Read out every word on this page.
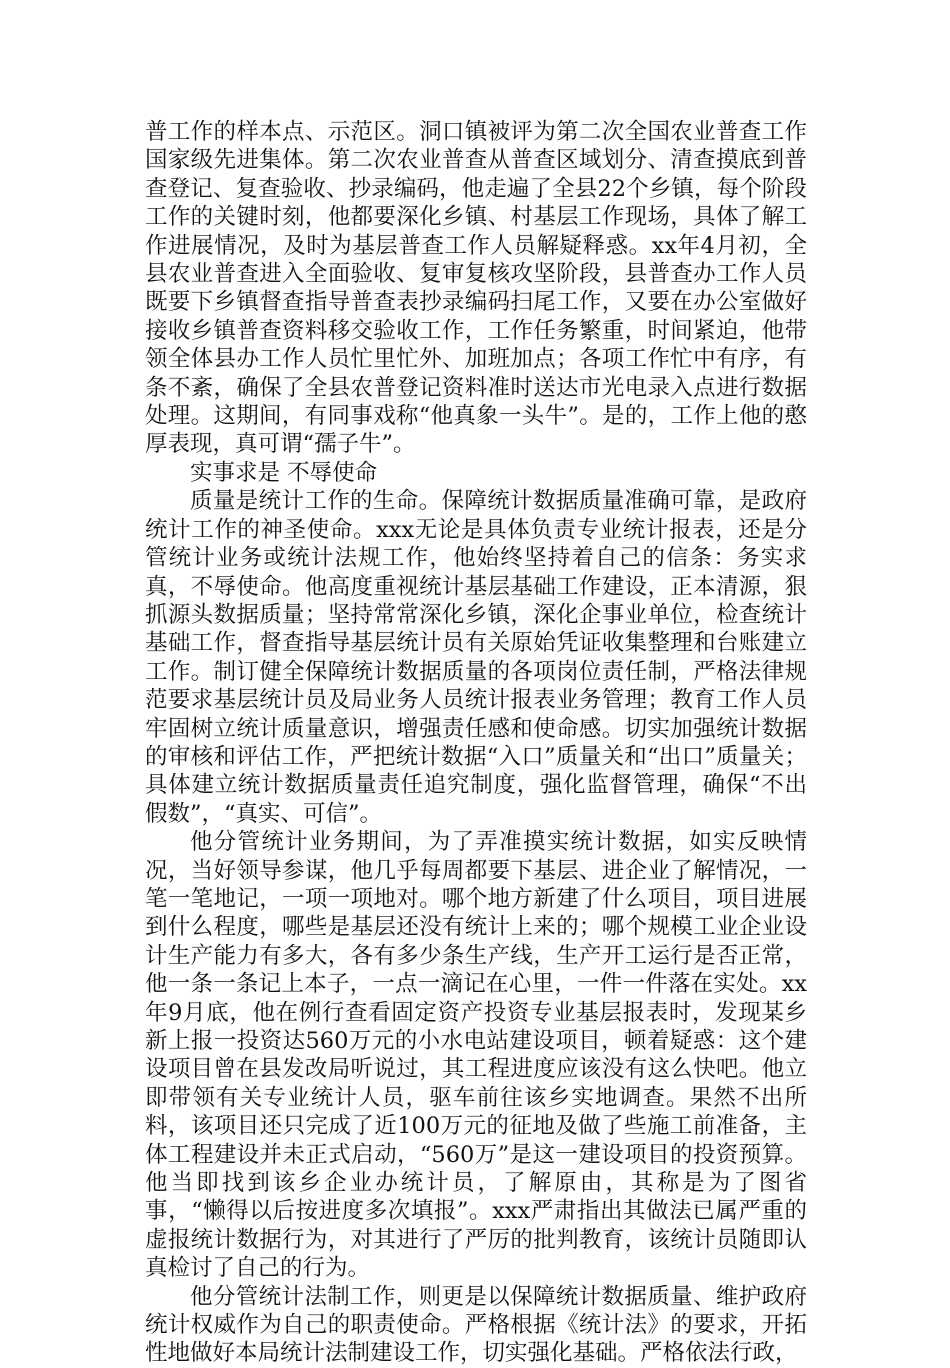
普工作的样本点、示范区。洞口镇被评为第二次全国农业普查工作国家级先进集体。第二次农业普查从普查区域划分、清查摸底到普查登记、复查验收、抄录编码，他走遍了全县22个乡镇，每个阶段工作的关键时刻，他都要深化乡镇、村基层工作现场，具体了解工作进展情况，及时为基层普查工作人员解疑释惑。xx年4月初，全县农业普查进入全面验收、复审复核攻坚阶段，县普查办工作人员既要下乡镇督查指导普查表抄录编码扫尾工作，又要在办公室做好接收乡镇普查资料移交验收工作，工作任务繁重，时间紧迫，他带领全体县办工作人员忙里忙外、加班加点；各项工作忙中有序，有条不紊，确保了全县农普登记资料准时送达市光电录入点进行数据处理。这期间，有同事戏称“他真象一头牛”。是的，工作上他的憨厚表现，真可谓“孺子牛”。

实事求是 不辱使命

质量是统计工作的生命。保障统计数据质量准确可靠，是政府统计工作的神圣使命。xxx无论是具体负责专业统计报表，还是分管统计业务或统计法规工作，他始终坚持着自己的信条：务实求真，不辱使命。他高度重视统计基层基础工作建设，正本清源，狠抓源头数据质量；坚持常常深化乡镇，深化企事业单位，检查统计基础工作，督查指导基层统计员有关原始凭证收集整理和台账建立工作。制订健全保障统计数据质量的各项岗位责任制，严格法律规范要求基层统计员及局业务人员统计报表业务管理；教育工作人员牢固树立统计质量意识，增强责任感和使命感。切实加强统计数据的审核和评估工作，严把统计数据“入口”质量关和“出口”质量关；具体建立统计数据质量责任追究制度，强化监督管理，确保“不出假数”，“真实、可信”。

他分管统计业务期间，为了弄准摸实统计数据，如实反映情况，当好领导参谋，他几乎每周都要下基层、进企业了解情况，一笔一笔地记，一项一项地对。哪个地方新建了什么项目，项目进展到什么程度，哪些是基层还没有统计上来的；哪个规模工业企业设计生产能力有多大，各有多少条生产线，生产开工运行是否正常，他一条一条记上本子，一点一滴记在心里，一件一件落在实处。xx年9月底，他在例行查看固定资产投资专业基层报表时，发现某乡新上报一投资达560万元的小水电站建设项目，顿着疑惑：这个建设项目曾在县发改局听说过，其工程进度应该没有这么快吧。他立即带领有关专业统计人员，驱车前往该乡实地调查。果然不出所料，该项目还只完成了近100万元的征地及做了些施工前准备，主体工程建设并未正式启动，“560万”是这一建设项目的投资预算。他当即找到该乡企业办统计员，了解原由，其称是为了图省事，“懒得以后按进度多次填报”。xxx严肃指出其做法已属严重的虚报统计数据行为，对其进行了严厉的批判教育，该统计员随即认真检讨了自己的行为。

他分管统计法制工作，则更是以保障统计数据质量、维护政府统计权威作为自己的职责使命。严格根据《统计法》的要求，开拓性地做好本局统计法制建设工作，切实强化基础。严格依法行政，
